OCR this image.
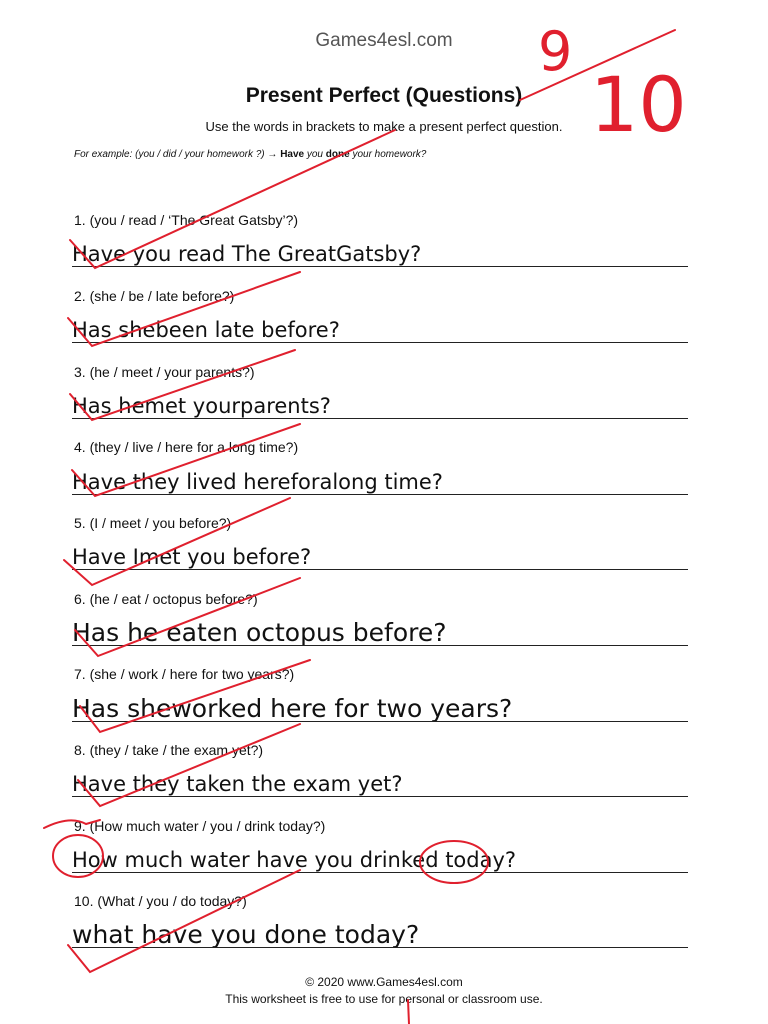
Games4esl.com
Present Perfect (Questions)
Use the words in brackets to make a present perfect question.
For example: (you / did / your homework ?) → Have you done your homework?
1. (you / read / ‘The Great Gatsby’?)
Have you read The GreatGatsby?
2. (she / be / late before?)
Has shebeen late before?
3. (he / meet / your parents?)
Has hemet yourparents?
4. (they / live / here for a long time?)
Have they lived hereforalong time?
5. (I / meet / you before?)
Have Imet you before?
6. (he / eat / octopus before?)
Has he eaten octopus before?
7. (she / work / here for two years?)
Has sheworked here for two years?
8. (they / take / the exam yet?)
Have they taken the exam yet?
9. (How much water / you / drink today?)
How much water have you drinked today?
10. (What / you / do today?)
what have you done today?
© 2020 www.Games4esl.com
This worksheet is free to use for personal or classroom use.
9
10
